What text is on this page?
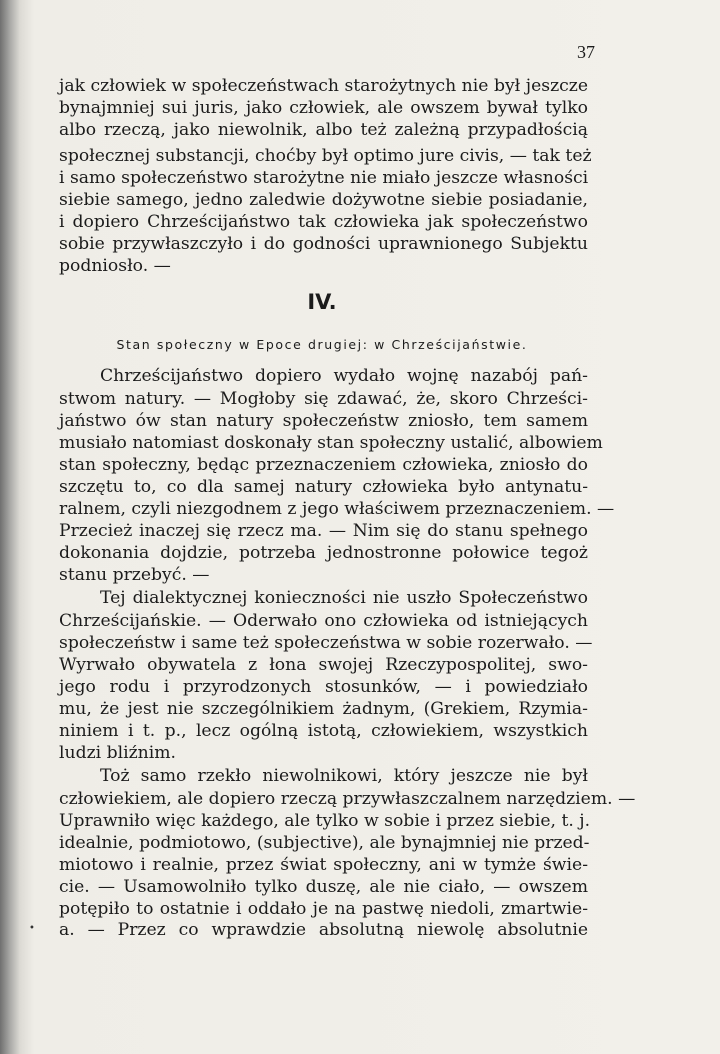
37
jak człowiek w społeczeństwach starożytnych nie był jeszcze
bynajmniej sui juris, jako człowiek, ale owszem bywał tylko
albo rzeczą, jako niewolnik, albo też zależną przypadłością
społecznej substancji, choćby był optimo jure civis, — tak też
i samo społeczeństwo starożytne nie miało jeszcze własności
siebie samego, jedno zaledwie dożywotne siebie posiadanie,
i dopiero Chrześcijaństwo tak człowieka jak społeczeństwo
sobie przywłaszczyło i do godności uprawnionego Subjektu
podniosło. —
IV.
Stan społeczny w Epoce drugiej: w Chrześcijaństwie.
Chrześcijaństwo dopiero wydało wojnę nazabój pań-
stwom natury. — Mogłoby się zdawać, że, skoro Chrześci-
jaństwo ów stan natury społeczeństw zniosło, tem samem
musiało natomiast doskonały stan społeczny ustalić, albowiem
stan społeczny, będąc przeznaczeniem człowieka, zniosło do
szczętu to, co dla samej natury człowieka było antynatu-
ralnem, czyli niezgodnem z jego właściwem przeznaczeniem. —
Przecież inaczej się rzecz ma. — Nim się do stanu spełnego
dokonania dojdzie, potrzeba jednostronne połowice tegoż
stanu przebyć. —
Tej dialektycznej konieczności nie uszło Społeczeństwo
Chrześcijańskie. — Oderwało ono człowieka od istniejących
społeczeństw i same też społeczeństwa w sobie rozerwało. —
Wyrwało obywatela z łona swojej Rzeczypospolitej, swo-
jego rodu i przyrodzonych stosunków, — i powiedziało
mu, że jest nie szczególnikiem żadnym, (Grekiem, Rzymia-
niniem i t. p., lecz ogólną istotą, człowiekiem, wszystkich
ludzi bliźnim.
Toż samo rzekło niewolnikowi, który jeszcze nie był
człowiekiem, ale dopiero rzeczą przywłaszczalnem narzędziem. —
Uprawniło więc każdego, ale tylko w sobie i przez siebie, t. j.
idealnie, podmiotowo, (subjective), ale bynajmniej nie przed-
miotowo i realnie, przez świat społeczny, ani w tymże świe-
cie. — Usamowolniło tylko duszę, ale nie ciało, — owszem
potępiło to ostatnie i oddało je na pastwę niedoli, zmartwie-
a. — Przez co wprawdzie absolutną niewolę absolutnie
•
